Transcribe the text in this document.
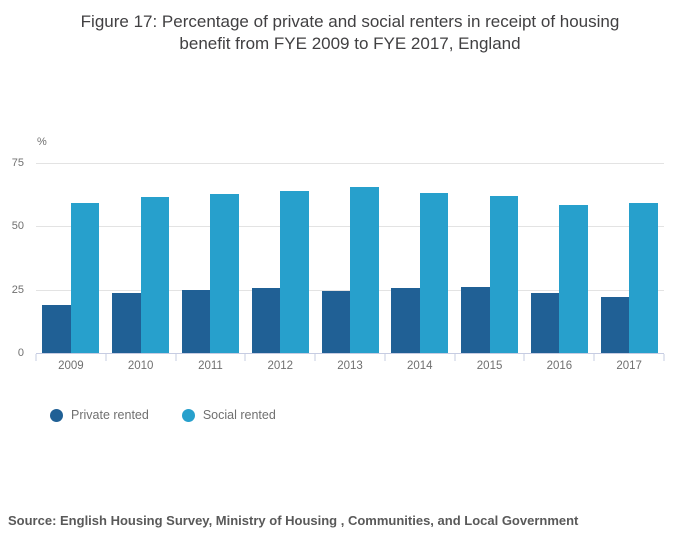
Figure 17: Percentage of private and social renters in receipt of housing
benefit from FYE 2009 to FYE 2017, England
%
0
25
50
75
2009	2010	2011	2012	2013	2014	2015	2016	2017
Private rented	Social rented

Source: English Housing Survey, Ministry of Housing , Communities, and Local Government
